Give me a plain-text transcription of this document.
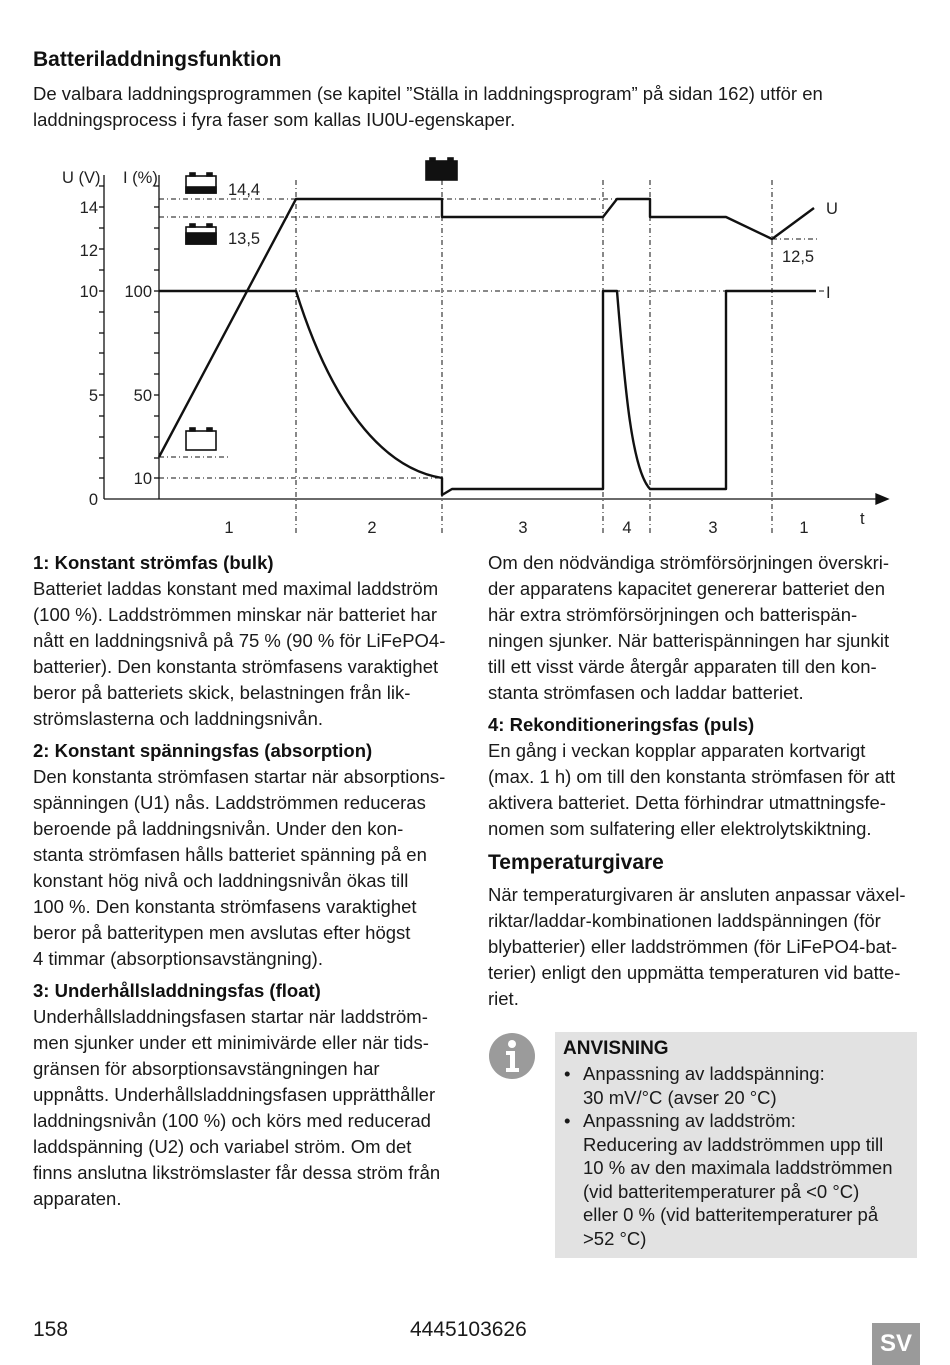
Batteriladdningsfunktion

De valbara laddningsprogrammen (se kapitel ”Ställa in laddningsprogram” på sidan 162) utför en laddningsprocess i fyra faser som kallas IU0U-egenskaper.

U (V) I (%)
14
12
10
5
0
100
50
10
14,4
13,5
12,5
U
I
t
1	2	3	4	3	1
1: Konstant strömfas (bulk)

Batteriet laddas konstant med maximal laddström
(100 %). Laddströmmen minskar när batteriet har
nått en laddningsnivå på 75 % (90 % för LiFePO4-
batterier). Den konstanta strömfasens varaktighet
beror på batteriets skick, belastningen från lik-
strömslasterna och laddningsnivån.

2: Konstant spänningsfas (absorption)

Den konstanta strömfasen startar när absorptions-
spänningen (U1) nås. Laddströmmen reduceras
beroende på laddningsnivån. Under den kon-
stanta strömfasen hålls batteriet spänning på en
konstant hög nivå och laddningsnivån ökas till
100 %. Den konstanta strömfasens varaktighet
beror på batteritypen men avslutas efter högst
4 timmar (absorptionsavstängning).

3: Underhållsladdningsfas (float)

Underhållsladdningsfasen startar när laddström-
men sjunker under ett minimivärde eller när tids-
gränsen för absorptionsavstängningen har
uppnåtts. Underhållsladdningsfasen upprätthåller
laddningsnivån (100 %) och körs med reducerad
laddspänning (U2) och variabel ström. Om det
finns anslutna likströmslaster får dessa ström från
apparaten.

Om den nödvändiga strömförsörjningen överskri-
der apparatens kapacitet genererar batteriet den
här extra strömförsörjningen och batterispän-
ningen sjunker. När batterispänningen har sjunkit
till ett visst värde återgår apparaten till den kon-
stanta strömfasen och laddar batteriet.

4: Rekonditioneringsfas (puls)

En gång i veckan kopplar apparaten kortvarigt
(max. 1 h) om till den konstanta strömfasen för att
aktivera batteriet. Detta förhindrar utmattningsfe-
nomen som sulfatering eller elektrolytskiktning.

Temperaturgivare

När temperaturgivaren är ansluten anpassar växel-
riktar/laddar-kombinationen laddspänningen (för
blybatterier) eller laddströmmen (för LiFePO4-bat-
terier) enligt den uppmätta temperaturen vid batte-
riet.

ANVISNING
• Anpassning av laddspänning:
30 mV/°C (avser 20 °C)
• Anpassning av laddström:
Reducering av laddströmmen upp till
10 % av den maximala laddströmmen
(vid batteritemperaturer på <0 °C)
eller 0 % (vid batteritemperaturer på
>52 °C)
158	4445103626
SV
